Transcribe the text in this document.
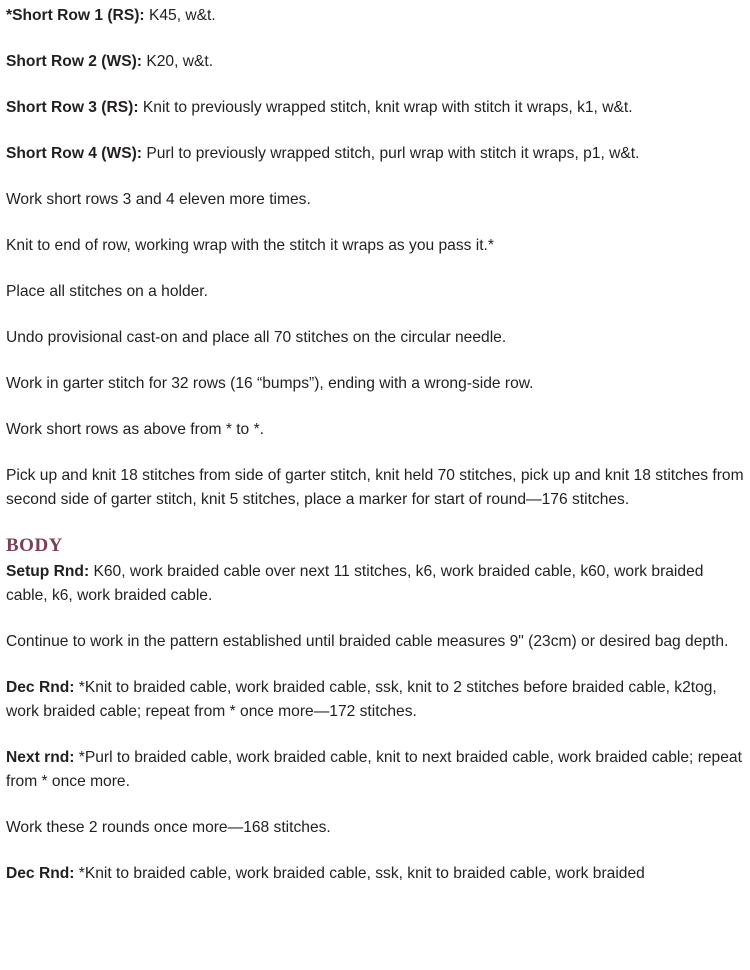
*Short Row 1 (RS): K45, w&t.

Short Row 2 (WS): K20, w&t.

Short Row 3 (RS): Knit to previously wrapped stitch, knit wrap with stitch it wraps, k1, w&t.

Short Row 4 (WS): Purl to previously wrapped stitch, purl wrap with stitch it wraps, p1, w&t.

Work short rows 3 and 4 eleven more times.

Knit to end of row, working wrap with the stitch it wraps as you pass it.*

Place all stitches on a holder.

Undo provisional cast-on and place all 70 stitches on the circular needle.

Work in garter stitch for 32 rows (16 “bumps”), ending with a wrong-side row.

Work short rows as above from * to *.

Pick up and knit 18 stitches from side of garter stitch, knit held 70 stitches, pick up and knit 18 stitches from second side of garter stitch, knit 5 stitches, place a marker for start of round—176 stitches.

BODY

Setup Rnd: K60, work braided cable over next 11 stitches, k6, work braided cable, k60, work braided cable, k6, work braided cable.

Continue to work in the pattern established until braided cable measures 9" (23cm) or desired bag depth.

Dec Rnd: *Knit to braided cable, work braided cable, ssk, knit to 2 stitches before braided cable, k2tog, work braided cable; repeat from * once more—172 stitches.

Next rnd: *Purl to braided cable, work braided cable, knit to next braided cable, work braided cable; repeat from * once more.

Work these 2 rounds once more—168 stitches.

Dec Rnd: *Knit to braided cable, work braided cable, ssk, knit to braided cable, work braided
